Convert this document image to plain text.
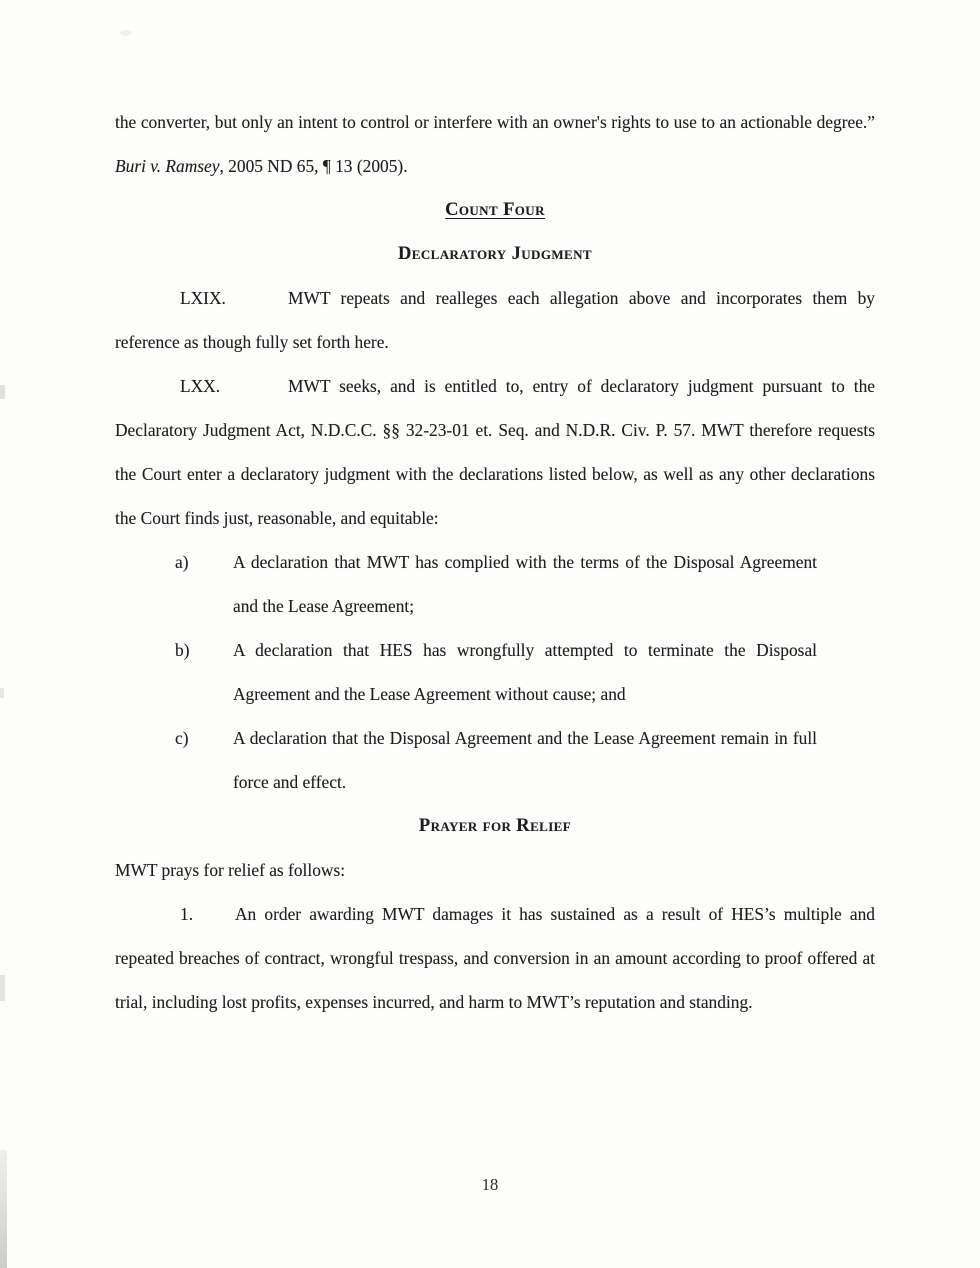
the converter, but only an intent to control or interfere with an owner's rights to use to an actionable degree.” Buri v. Ramsey, 2005 ND 65, ¶ 13 (2005).

Count Four
Declaratory Judgment

LXIX.	MWT repeats and realleges each allegation above and incorporates them by reference as though fully set forth here.

LXX.	MWT seeks, and is entitled to, entry of declaratory judgment pursuant to the Declaratory Judgment Act, N.D.C.C. §§ 32-23-01 et. Seq. and N.D.R. Civ. P. 57. MWT therefore requests the Court enter a declaratory judgment with the declarations listed below, as well as any other declarations the Court finds just, reasonable, and equitable:

a)	A declaration that MWT has complied with the terms of the Disposal Agreement and the Lease Agreement;
b)	A declaration that HES has wrongfully attempted to terminate the Disposal Agreement and the Lease Agreement without cause; and
c)	A declaration that the Disposal Agreement and the Lease Agreement remain in full force and effect.
Prayer for Relief

MWT prays for relief as follows:

1. An order awarding MWT damages it has sustained as a result of HES’s multiple and repeated breaches of contract, wrongful trespass, and conversion in an amount according to proof offered at trial, including lost profits, expenses incurred, and harm to MWT’s reputation and standing.

18
